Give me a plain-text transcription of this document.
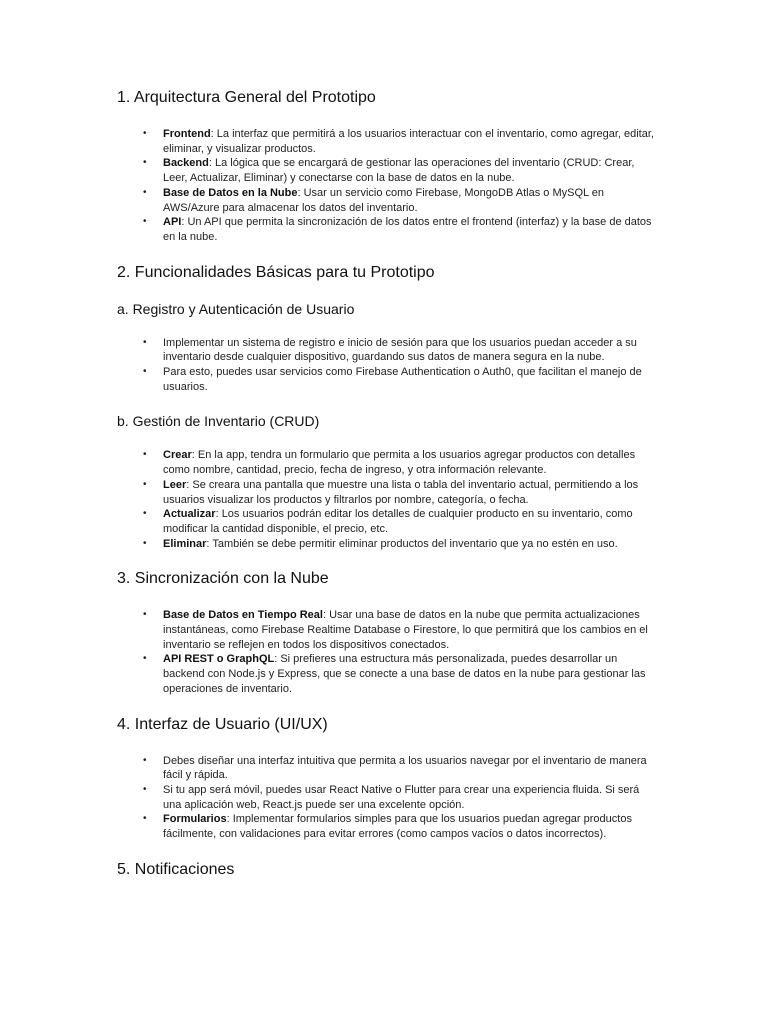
1. Arquitectura General del Prototipo
• Frontend: La interfaz que permitirá a los usuarios interactuar con el inventario, como agregar, editar, eliminar, y visualizar productos.
• Backend: La lógica que se encargará de gestionar las operaciones del inventario (CRUD: Crear, Leer, Actualizar, Eliminar) y conectarse con la base de datos en la nube.
• Base de Datos en la Nube: Usar un servicio como Firebase, MongoDB Atlas o MySQL en AWS/Azure para almacenar los datos del inventario.
• API: Un API que permita la sincronización de los datos entre el frontend (interfaz) y la base de datos en la nube.
2. Funcionalidades Básicas para tu Prototipo
a. Registro y Autenticación de Usuario
• Implementar un sistema de registro e inicio de sesión para que los usuarios puedan acceder a su inventario desde cualquier dispositivo, guardando sus datos de manera segura en la nube.
• Para esto, puedes usar servicios como Firebase Authentication o Auth0, que facilitan el manejo de usuarios.
b. Gestión de Inventario (CRUD)
• Crear: En la app, tendra un formulario que permita a los usuarios agregar productos con detalles como nombre, cantidad, precio, fecha de ingreso, y otra información relevante.
• Leer: Se creara una pantalla que muestre una lista o tabla del inventario actual, permitiendo a los usuarios visualizar los productos y filtrarlos por nombre, categoría, o fecha.
• Actualizar: Los usuarios podrán editar los detalles de cualquier producto en su inventario, como modificar la cantidad disponible, el precio, etc.
• Eliminar: También se debe permitir eliminar productos del inventario que ya no estén en uso.
3. Sincronización con la Nube
• Base de Datos en Tiempo Real: Usar una base de datos en la nube que permita actualizaciones instantáneas, como Firebase Realtime Database o Firestore, lo que permitirá que los cambios en el inventario se reflejen en todos los dispositivos conectados.
• API REST o GraphQL: Si prefieres una estructura más personalizada, puedes desarrollar un backend con Node.js y Express, que se conecte a una base de datos en la nube para gestionar las operaciones de inventario.
4. Interfaz de Usuario (UI/UX)
• Debes diseñar una interfaz intuitiva que permita a los usuarios navegar por el inventario de manera fácil y rápida.
• Si tu app será móvil, puedes usar React Native o Flutter para crear una experiencia fluida. Si será una aplicación web, React.js puede ser una excelente opción.
• Formularios: Implementar formularios simples para que los usuarios puedan agregar productos fácilmente, con validaciones para evitar errores (como campos vacíos o datos incorrectos).
5. Notificaciones
